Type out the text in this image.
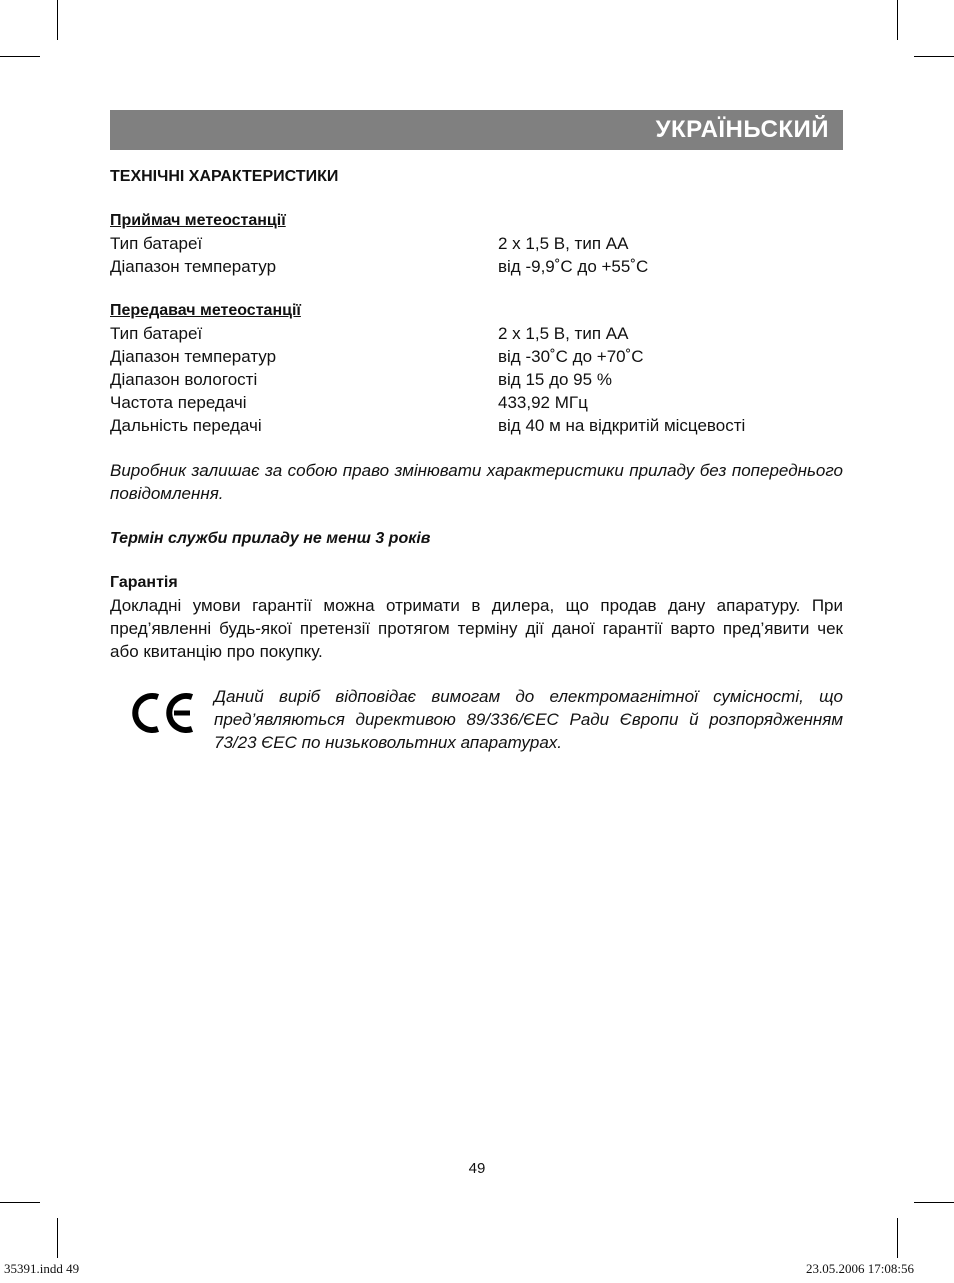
УКРАЇНЬСКИЙ
ТЕХНІЧНІ ХАРАКТЕРИСТИКИ
Приймач метеостанції
Тип батареї	2 x 1,5 В, тип АА
Діапазон температур	від -9,9˚С до +55˚С
Передавач метеостанції
Тип батареї	2 x 1,5 В, тип АА
Діапазон температур	від -30˚С до +70˚С
Діапазон вологості	від 15 до 95 %
Частота передачі	433,92 МГц
Дальність передачі	від 40 м на відкритій місцевості
Виробник залишає за собою право змінювати характеристики приладу без попереднього повідомлення.
Термін служби приладу не менш 3 років
Гарантія
Докладні умови гарантії можна отримати в дилера, що продав дану апаратуру. При пред’явленні будь-якої претензії протягом терміну дії даної гарантії варто пред’явити чек або квитанцію про покупку.
Даний виріб відповідає вимогам до електромагнітної сумісності, що пред’являються директивою 89/336/ЄЕС Ради Європи й розпорядженням 73/23 ЄЕС по низьковольтних апаратурах.
49
35391.indd 49	23.05.2006 17:08:56
